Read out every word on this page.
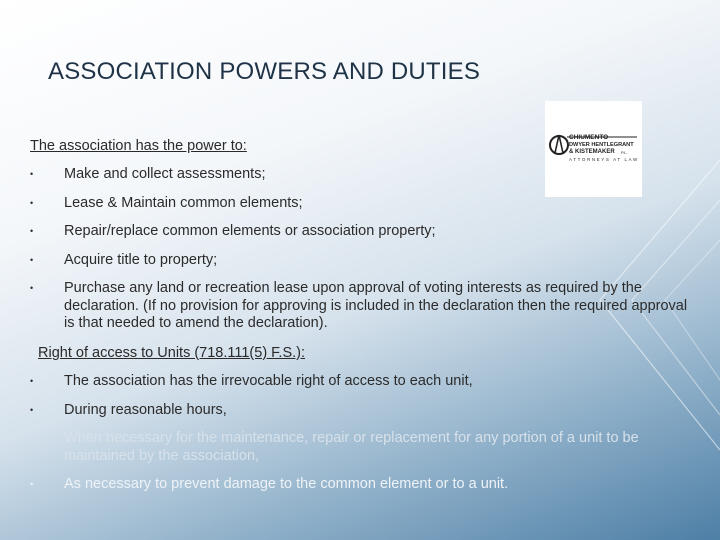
ASSOCIATION POWERS AND DUTIES
CHIUMENTO
DWYER HENTLEGRANT
& KISTEMAKER P.L.
ATTORNEYS AT LAW
The association has the power to:
• Make and collect assessments;
• Lease & Maintain common elements;
• Repair/replace common elements or association property;
• Acquire title to property;
• Purchase any land or recreation lease upon approval of voting interests as required by the declaration. (If no provision for approving is included in the declaration then the required approval is that needed to amend the declaration).
Right of access to Units (718.111(5) F.S.):
• The association has the irrevocable right of access to each unit,
• During reasonable hours,
• When necessary for the maintenance, repair or replacement for any portion of a unit to be maintained by the association,
• As necessary to prevent damage to the common element or to a unit.
